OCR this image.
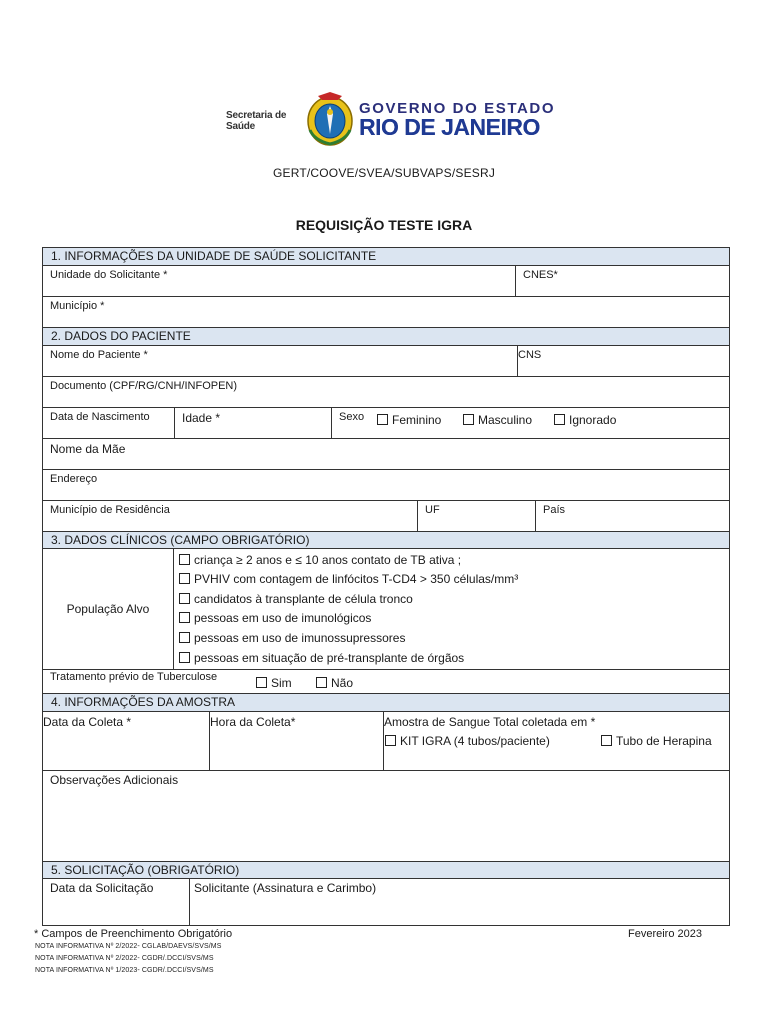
Secretaria de
Saúde
GOVERNO DO ESTADO
RIO DE JANEIRO
GERT/COOVE/SVEA/SUBVAPS/SESRJ
REQUISIÇÃO TESTE IGRA
1. INFORMAÇÕES DA UNIDADE DE SAÚDE SOLICITANTE
Unidade do Solicitante *	CNES*
Município *
2. DADOS DO PACIENTE
Nome do Paciente *	CNS
Documento (CPF/RG/CNH/INFOPEN)
Data de Nascimento	Idade *	Sexo	Feminino	Masculino	Ignorado
Nome da Mãe
Endereço
Município de Residência	UF	País
3. DADOS CLÍNICOS (CAMPO OBRIGATÓRIO)
População Alvo
criança ≥ 2 anos e ≤ 10 anos contato de TB ativa ;
PVHIV com contagem de linfócitos T-CD4 > 350 células/mm³
candidatos à transplante de célula tronco
pessoas em uso de imunológicos
pessoas em uso de imunossupressores
pessoas em situação de pré-transplante de órgãos
Tratamento prévio de Tuberculose	Sim	Não
4. INFORMAÇÕES DA AMOSTRA
Data da Coleta *	Hora da Coleta*	Amostra de Sangue Total coletada em *
KIT IGRA (4 tubos/paciente)	Tubo de Herapina
Observações Adicionais
5. SOLICITAÇÃO (OBRIGATÓRIO)
Data da Solicitação	Solicitante (Assinatura e Carimbo)
* Campos de Preenchimento Obrigatório	Fevereiro 2023
NOTA INFORMATIVA Nº 2/2022- CGLAB/DAEVS/SVS/MS
NOTA INFORMATIVA Nº 2/2022- CGDR/.DCCI/SVS/MS
NOTA INFORMATIVA Nº 1/2023- CGDR/.DCCI/SVS/MS
